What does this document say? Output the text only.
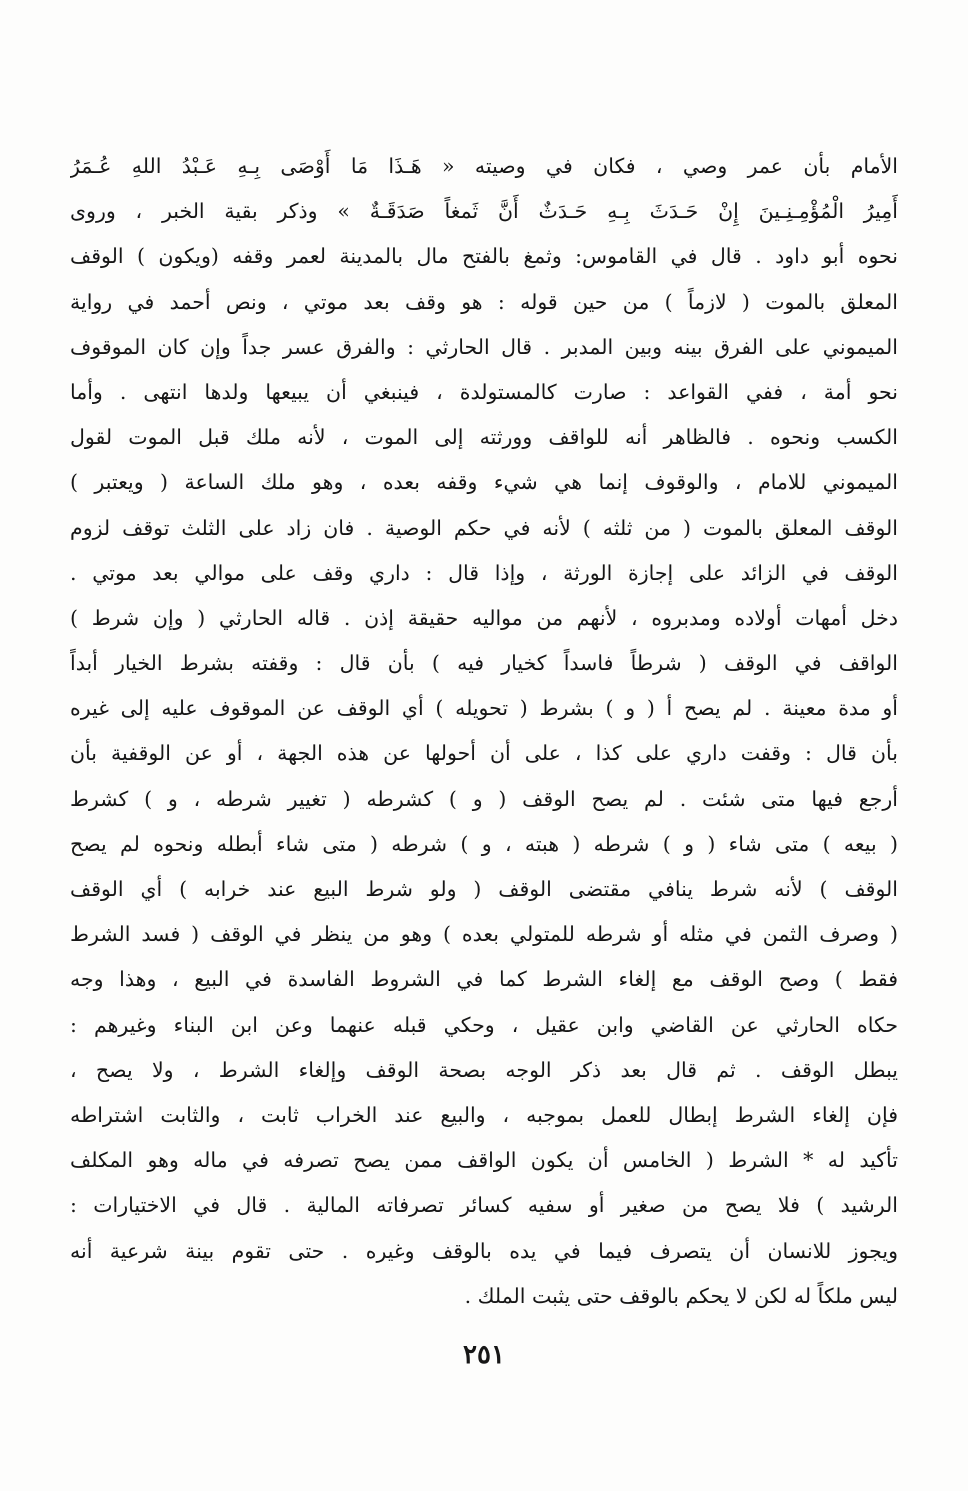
الأمام بأن عمر وصي ، فكان في وصيته « هَـذَا مَا أَوْصَى بِـهِ عَـبْدُ اللهِ عُـمَرُ
أَمِيرُ الْمُؤْمِـنِـينَ إِنْ حَـدَثَ بِـهِ حَـدَثٌ أَنَّ ثَمغاً صَدَقَـةٌ » وذكر بقية الخبر ، وروى
نحوه أبو داود . قال في القاموس: وثمغ بالفتح مال بالمدينة لعمر وقفه (ويكون ) الوقف
المعلق بالموت ( لازماً ) من حين قوله : هو وقف بعد موتي ، ونص أحمد في رواية
الميموني على الفرق بينه وبين المدبر . قال الحارثي : والفرق عسر جداً وإن كان الموقوف
نحو أمة ، ففي القواعد : صارت كالمستولدة ، فينبغي أن يبيعها ولدها انتهى . وأما
الكسب ونحوه . فالظاهر أنه للواقف وورثته إلى الموت ، لأنه ملك قبل الموت لقول
الميموني للامام ، والوقوف إنما هي شيء وقفه بعده ، وهو ملك الساعة ( ويعتبر )
الوقف المعلق بالموت ( من ثلثه ) لأنه في حكم الوصية . فان زاد على الثلث توقف لزوم
الوقف في الزائد على إجازة الورثة ، وإذا قال : داري وقف على موالي بعد موتي .
دخل أمهات أولاده ومدبروه ، لأنهم من مواليه حقيقة إذن . قاله الحارثي ( وإن شرط )
الواقف في الوقف ( شرطاً فاسداً كخيار فيه ) بأن قال : وقفته بشرط الخيار أبداً
أو مدة معينة . لم يصح أ ( و ) بشرط ( تحويله ) أي الوقف عن الموقوف عليه إلى غيره
بأن قال : وقفت داري على كذا ، على أن أحولها عن هذه الجهة ، أو عن الوقفية بأن
أرجع فيها متى شئت . لم يصح الوقف ( و ) كشرطه ( تغيير شرطه ، و ) كشرط
( بيعه ) متى شاء ( و ) شرطه ( هبته ، و ) شرطه ( متى شاء أبطله ونحوه لم يصح
الوقف ) لأنه شرط ينافي مقتضى الوقف ( ولو شرط البيع عند خرابه ) أي الوقف
( وصرف الثمن في مثله أو شرطه للمتولي بعده ) وهو من ينظر في الوقف ( فسد الشرط
فقط ) وصح الوقف مع إلغاء الشرط كما في الشروط الفاسدة في البيع ، وهذا وجه
حكاه الحارثي عن القاضي وابن عقيل ، وحكي قبله عنهما وعن ابن البناء وغيرهم :
يبطل الوقف . ثم قال بعد ذكر الوجه بصحة الوقف وإلغاء الشرط ، ولا يصح ،
فإن إلغاء الشرط إبطال للعمل بموجبه ، والبيع عند الخراب ثابت ، والثابت اشتراطه
تأكيد له * الشرط ( الخامس أن يكون الواقف ممن يصح تصرفه في ماله وهو المكلف
الرشيد ) فلا يصح من صغير أو سفيه كسائر تصرفاته المالية . قال في الاختيارات :
ويجوز للانسان أن يتصرف فيما في يده بالوقف وغيره . حتى تقوم بينة شرعية أنه
ليس ملكاً له لكن لا يحكم بالوقف حتى يثبت الملك .
٢٥١
